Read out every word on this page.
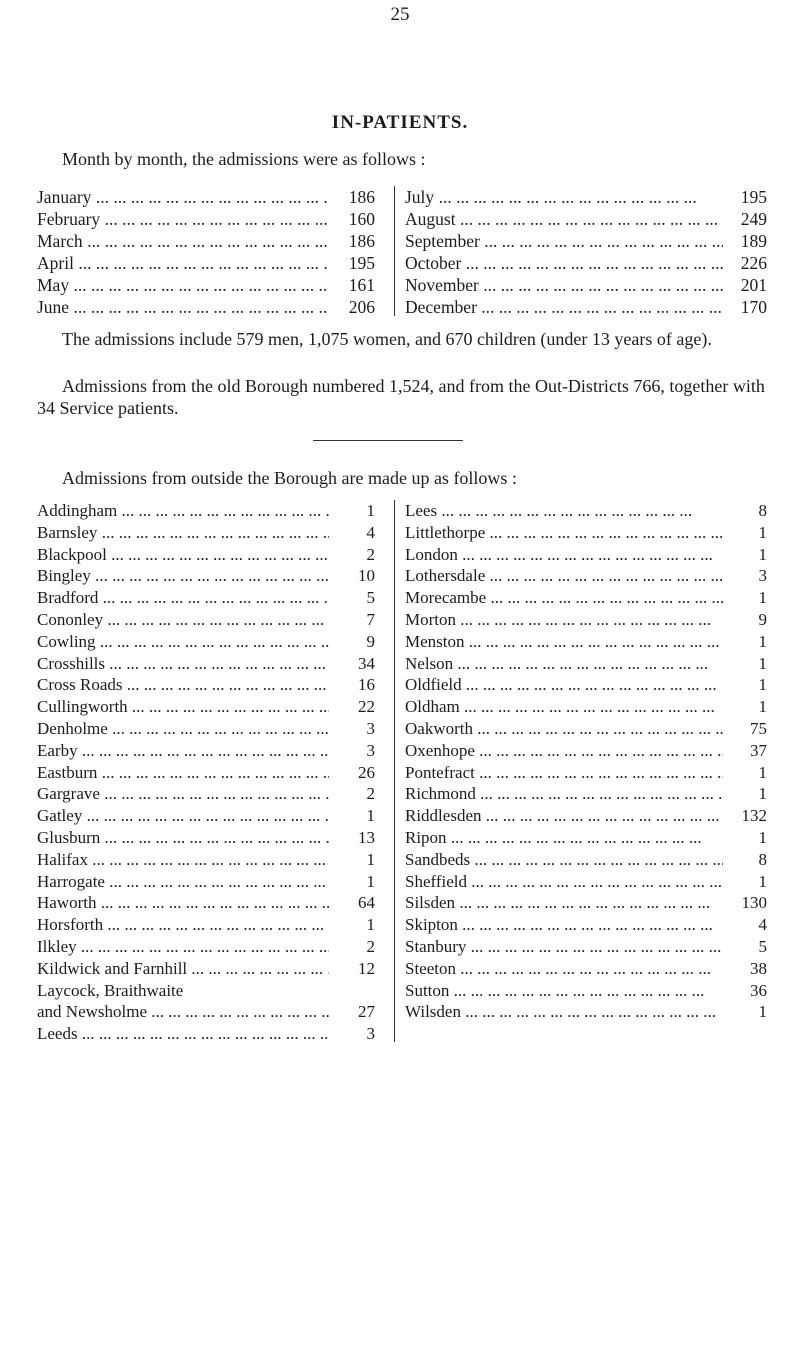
25
IN-PATIENTS.
Month by month, the admissions were as follows :
January ... .	186
February ... .	160
March ... .	186
April ... .	195
May ... .	161
June ... .	206
July ... .	195
August ... .	249
September ... .	189
October ... .	226
November ... .	201
December ... .	170
The admissions include 579 men, 1,075 women, and 670 children (under 13 years of age).
Admissions from the old Borough numbered 1,524, and from the Out-Districts 766, together with 34 Service patients.
Admissions from outside the Borough are made up as follows :
Addingham ... .	1
Barnsley ... .	4
Blackpool ... .	2
Bingley ... .	10
Bradford ... .	5
Cononley ... .	7
Cowling ... .	9
Crosshills ... .	34
Cross Roads ... .	16
Cullingworth ... .	22
Denholme ... .	3
Earby ... .	3
Eastburn ... .	26
Gargrave ... .	2
Gatley ... .	1
Glusburn ... .	13
Halifax ... .	1
Harrogate ... .	1
Haworth ... .	64
Horsforth ... .	1
Ilkley ... .	2
Kildwick and Farnhill ... .	12
Laycock, Braithwaite
and Newsholme ... .	27
Leeds ... .	3
Lees ... .	8
Littlethorpe ... .	1
London ... .	1
Lothersdale ... .	3
Morecambe ... .	1
Morton ... .	9
Menston ... .	1
Nelson ... .	1
Oldfield ... .	1
Oldham ... .	1
Oakworth ... .	75
Oxenhope ... .	37
Pontefract ... .	1
Richmond ... .	1
Riddlesden ... .	132
Ripon ... .	1
Sandbeds ... .	8
Sheffield ... .	1
Silsden ... .	130
Skipton ... .	4
Stanbury ... .	5
Steeton ... .	38
Sutton ... .	36
Wilsden ... .	1
